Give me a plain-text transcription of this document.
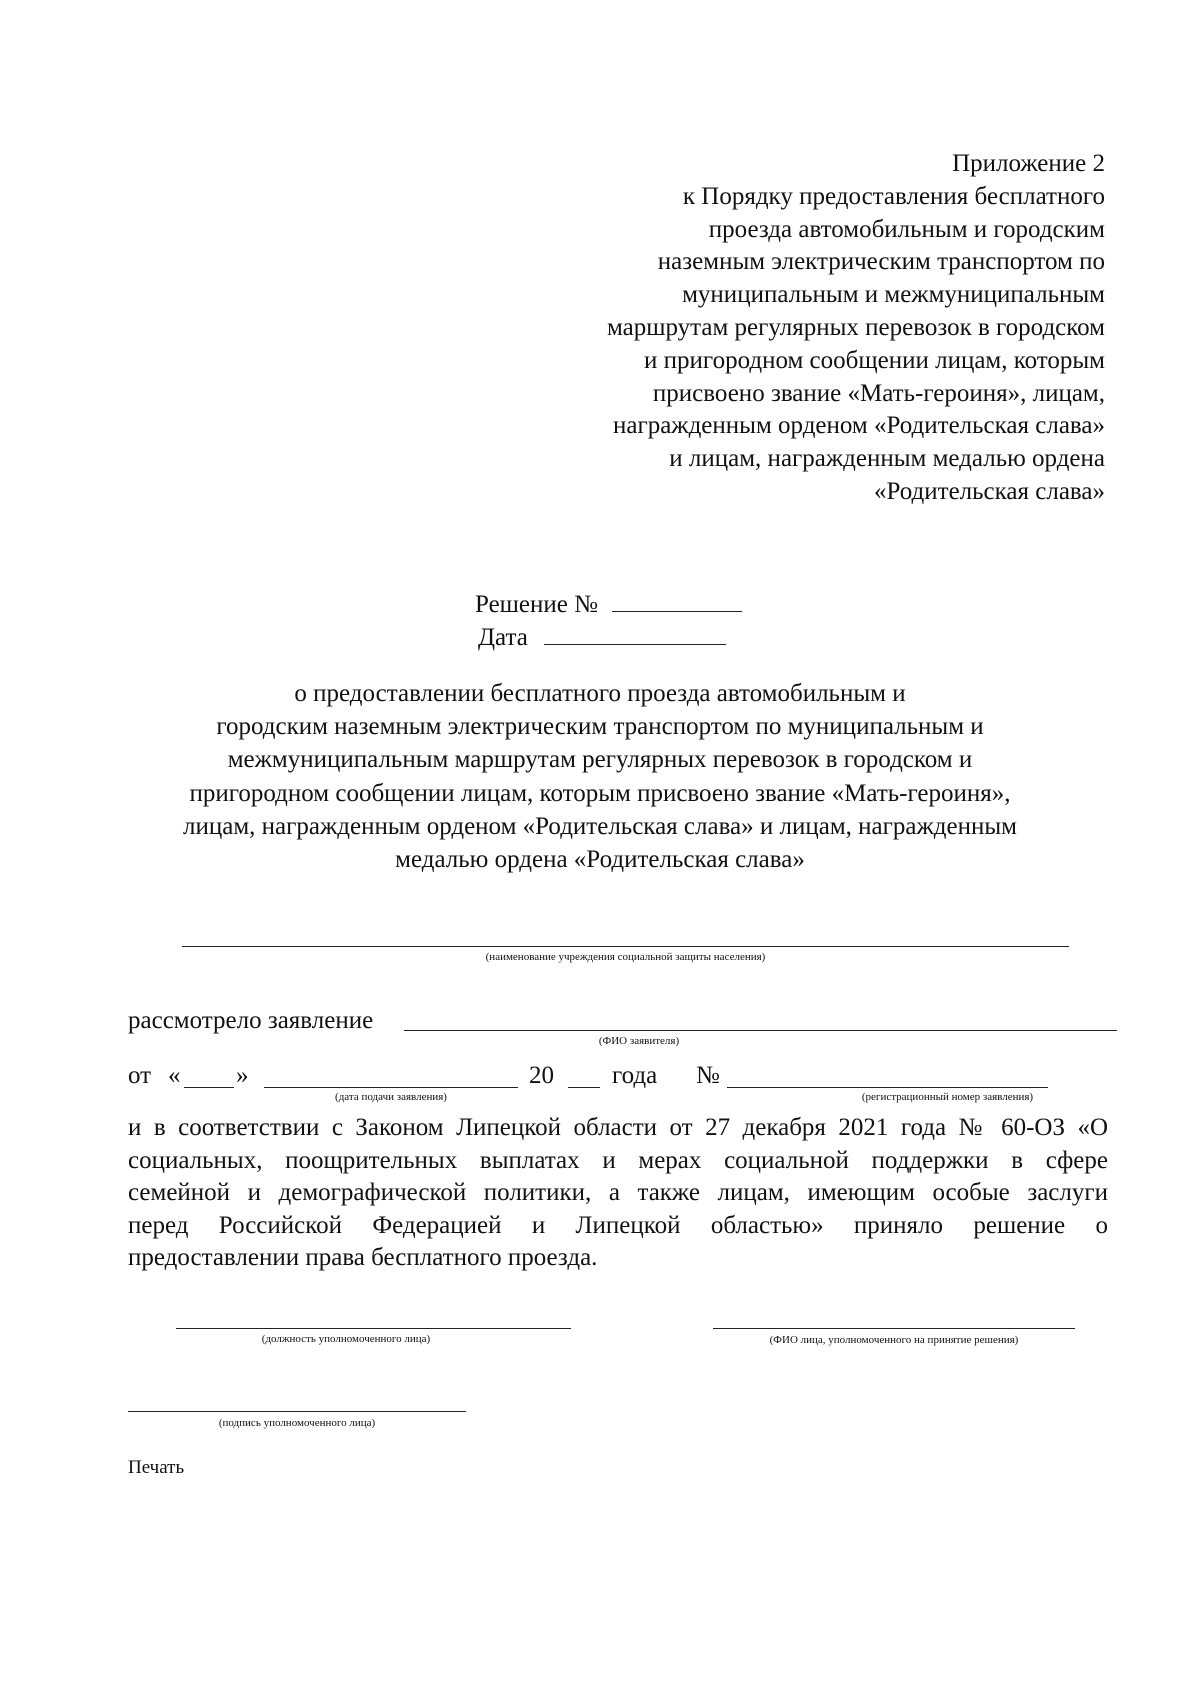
Приложение 2
к Порядку предоставления бесплатного
проезда автомобильным и городским
наземным электрическим транспортом по
муниципальным и межмуниципальным
маршрутам регулярных перевозок в городском
и пригородном сообщении лицам, которым
присвоено звание «Мать-героиня», лицам,
награжденным орденом «Родительская слава»
и лицам, награжденным медалью ордена
«Родительская слава»
Решение №
Дата
о предоставлении бесплатного проезда автомобильным и
городским наземным электрическим транспортом по муниципальным и
межмуниципальным маршрутам регулярных перевозок в городском и
пригородном сообщении лицам, которым присвоено звание «Мать-героиня»,
лицам, награжденным орденом «Родительская слава» и лицам, награжденным
медалью ордена «Родительская слава»
(наименование учреждения социальной защиты населения)
рассмотрело заявление
(ФИО заявителя)
от « »
(дата подачи заявления)
20 года №
(регистрационный номер заявления)
и в соответствии с Законом Липецкой области от 27 декабря 2021 года № 60-ОЗ «О
социальных, поощрительных выплатах и мерах социальной поддержки в сфере
семейной и демографической политики, а также лицам, имеющим особые заслуги
перед Российской Федерацией и Липецкой областью» приняло решение о
предоставлении права бесплатного проезда.
(должность уполномоченного лица)	(ФИО лица, уполномоченного на принятие решения)
(подпись уполномоченного лица)
Печать
